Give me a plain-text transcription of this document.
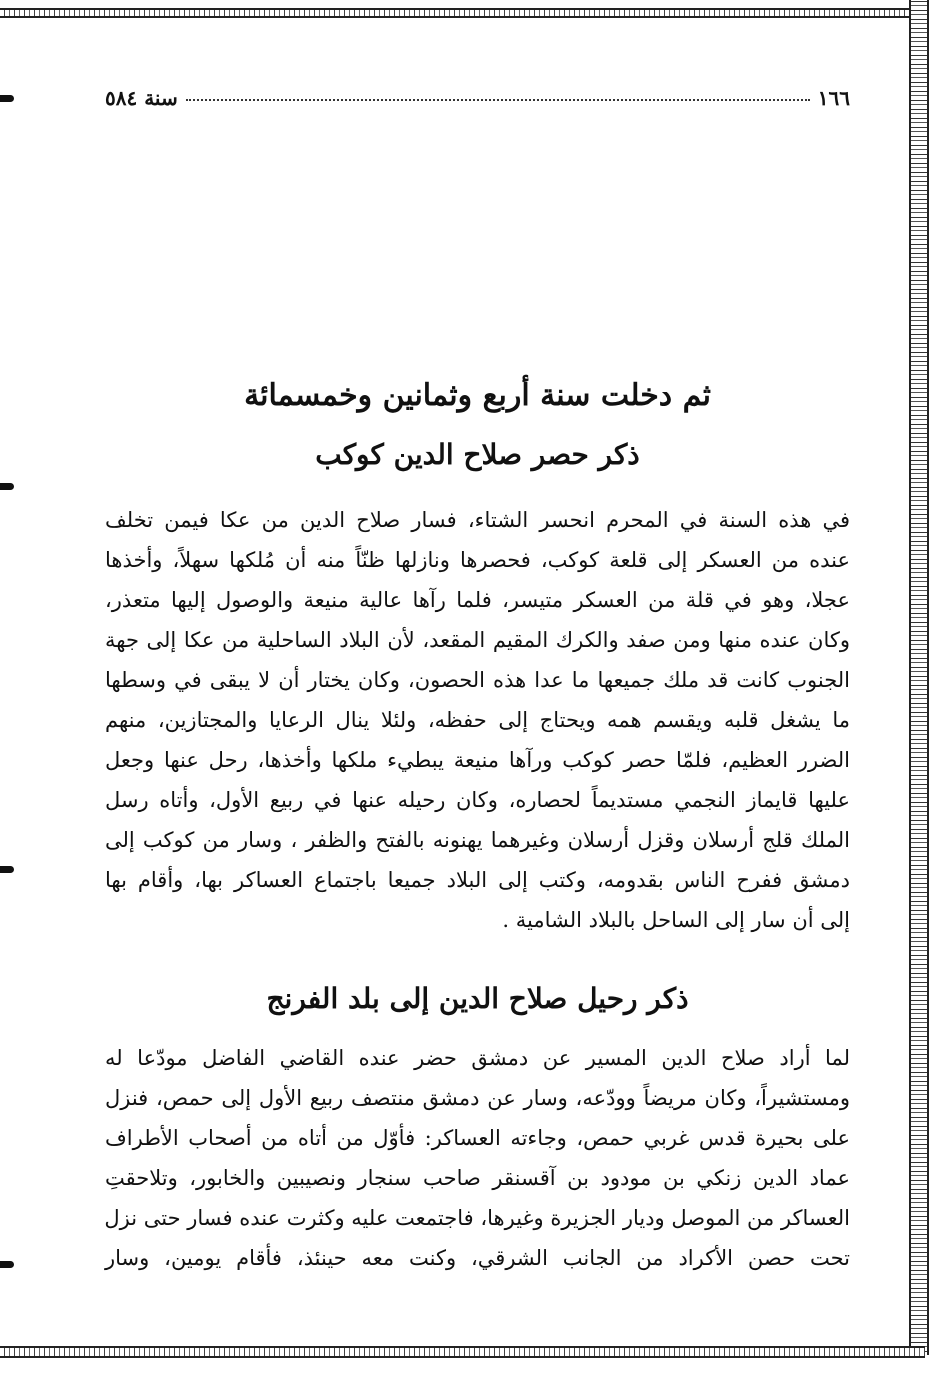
١٦٦
سنة ٥٨٤
ثم دخلت سنة أربع وثمانين وخمسمائة
ذكر حصر صلاح الدين كوكب
في هذه السنة في المحرم انحسر الشتاء، فسار صلاح الدين من عكا فيمن تخلف
عنده من العسكر إلى قلعة كوكب، فحصرها ونازلها ظنّاً منه أن مُلكها سهلاً، وأخذها
عجلا، وهو في قلة من العسكر متيسر، فلما رآها عالية منيعة والوصول إليها متعذر،
وكان عنده منها ومن صفد والكرك المقيم المقعد، لأن البلاد الساحلية من عكا إلى جهة
الجنوب كانت قد ملك جميعها ما عدا هذه الحصون، وكان يختار أن لا يبقى في وسطها
ما يشغل قلبه ويقسم همه ويحتاج إلى حفظه، ولئلا ينال الرعايا والمجتازين، منهم
الضرر العظيم، فلمّا حصر كوكب ورآها منيعة يبطيء ملكها وأخذها، رحل عنها وجعل
عليها قايماز النجمي مستديماً لحصاره، وكان رحيله عنها في ربيع الأول، وأتاه رسل
الملك قلج أرسلان وقزل أرسلان وغيرهما يهنونه بالفتح والظفر ، وسار من كوكب إلى
دمشق ففرح الناس بقدومه، وكتب إلى البلاد جميعا باجتماع العساكر بها، وأقام بها
إلى أن سار إلى الساحل بالبلاد الشامية .
ذكر رحيل صلاح الدين إلى بلد الفرنج
لما أراد صلاح الدين المسير عن دمشق حضر عنده القاضي الفاضل مودّعا له
ومستشيراً، وكان مريضاً وودّعه، وسار عن دمشق منتصف ربيع الأول إلى حمص، فنزل
على بحيرة قدس غربي حمص، وجاءته العساكر: فأوّل من أتاه من أصحاب الأطراف
عماد الدين زنكي بن مودود بن آقسنقر صاحب سنجار ونصيبين والخابور، وتلاحقتِ
العساكر من الموصل وديار الجزيرة وغيرها، فاجتمعت عليه وكثرت عنده فسار حتى نزل
تحت حصن الأكراد من الجانب الشرقي، وكنت معه حينئذ، فأقام يومين، وسار
